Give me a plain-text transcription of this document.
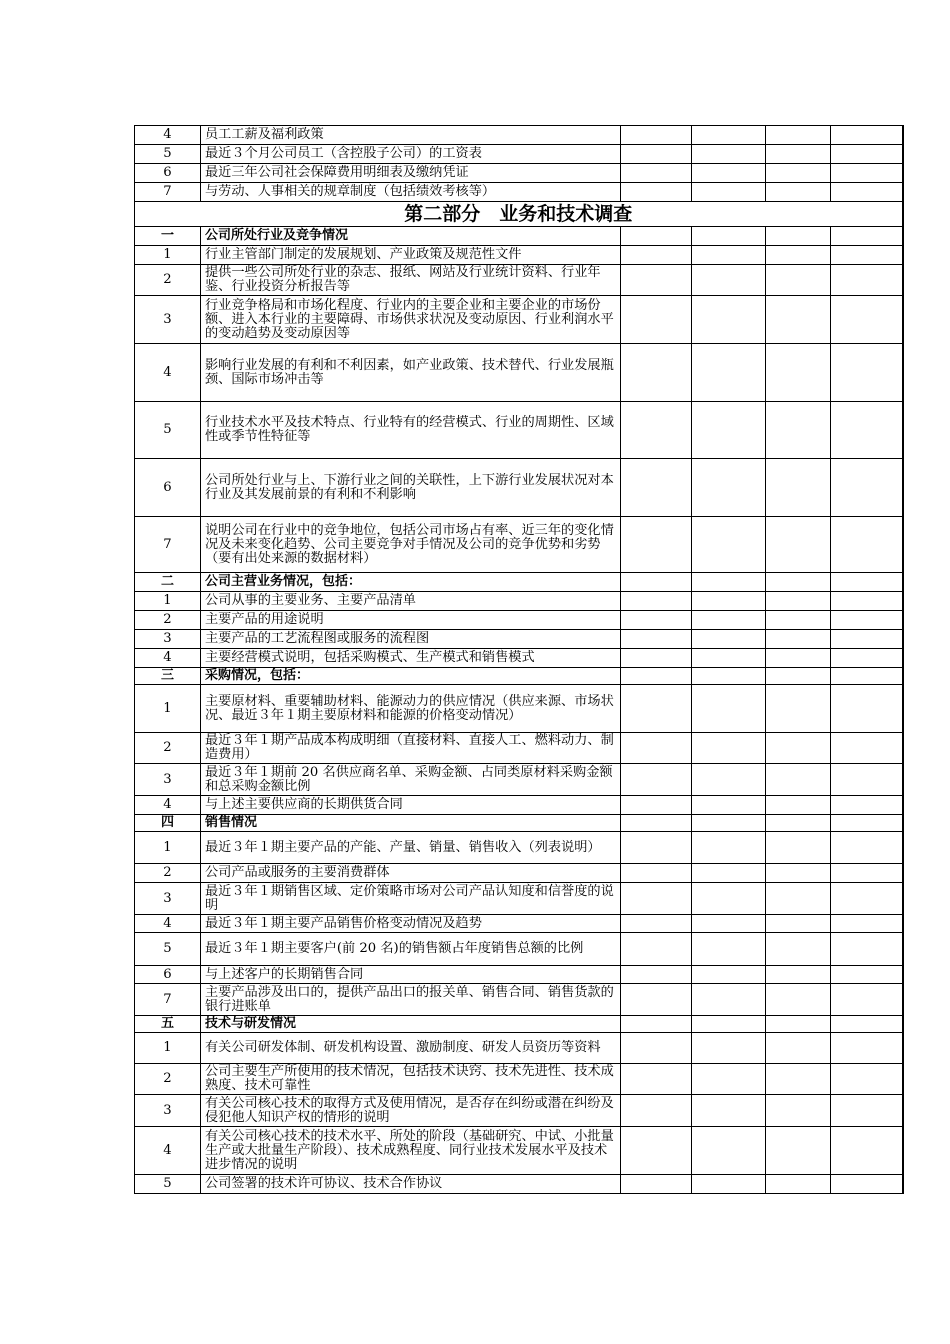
4	员工工薪及福利政策				
5	最近３个月公司员工（含控股子公司）的工资表				
6	最近三年公司社会保障费用明细表及缴纳凭证				
7	与劳动、人事相关的规章制度（包括绩效考核等）				
第二部分　业务和技术调查					
一	公司所处行业及竞争情况				
1	行业主管部门制定的发展规划、产业政策及规范性文件				
2	提供一些公司所处行业的杂志、报纸、网站及行业统计资料、行业年鉴、行业投资分析报告等				
3	行业竞争格局和市场化程度、行业内的主要企业和主要企业的市场份额、进入本行业的主要障碍、市场供求状况及变动原因、行业利润水平的变动趋势及变动原因等				
4	影响行业发展的有利和不利因素，如产业政策、技术替代、行业发展瓶颈、国际市场冲击等				
5	行业技术水平及技术特点、行业特有的经营模式、行业的周期性、区域性或季节性特征等				
6	公司所处行业与上、下游行业之间的关联性，上下游行业发展状况对本行业及其发展前景的有利和不利影响				
7	说明公司在行业中的竞争地位，包括公司市场占有率、近三年的变化情况及未来变化趋势、公司主要竞争对手情况及公司的竞争优势和劣势（要有出处来源的数据材料）				
二	公司主营业务情况，包括：				
1	公司从事的主要业务、主要产品清单				
2	主要产品的用途说明				
3	主要产品的工艺流程图或服务的流程图				
4	主要经营模式说明，包括采购模式、生产模式和销售模式				
三	采购情况，包括：				
1	主要原材料、重要辅助材料、能源动力的供应情况（供应来源、市场状况、最近３年１期主要原材料和能源的价格变动情况）				
2	最近３年１期产品成本构成明细（直接材料、直接人工、燃料动力、制造费用）				
3	最近３年１期前 20 名供应商名单、采购金额、占同类原材料采购金额和总采购金额比例				
4	与上述主要供应商的长期供货合同				
四	销售情况				
1	最近３年１期主要产品的产能、产量、销量、销售收入（列表说明）				
2	公司产品或服务的主要消费群体				
3	最近３年１期销售区域、定价策略市场对公司产品认知度和信誉度的说明				
4	最近３年１期主要产品销售价格变动情况及趋势				
5	最近３年１期主要客户(前 20 名)的销售额占年度销售总额的比例				
6	与上述客户的长期销售合同				
7	主要产品涉及出口的，提供产品出口的报关单、销售合同、销售货款的银行进账单				
五	技术与研发情况				
1	有关公司研发体制、研发机构设置、激励制度、研发人员资历等资料				
2	公司主要生产所使用的技术情况，包括技术诀窍、技术先进性、技术成熟度、技术可靠性				
3	有关公司核心技术的取得方式及使用情况，是否存在纠纷或潜在纠纷及侵犯他人知识产权的情形的说明				
4	有关公司核心技术的技术水平、所处的阶段（基础研究、中试、小批量生产或大批量生产阶段）、技术成熟程度、同行业技术发展水平及技术进步情况的说明				
5	公司签署的技术许可协议、技术合作协议				
